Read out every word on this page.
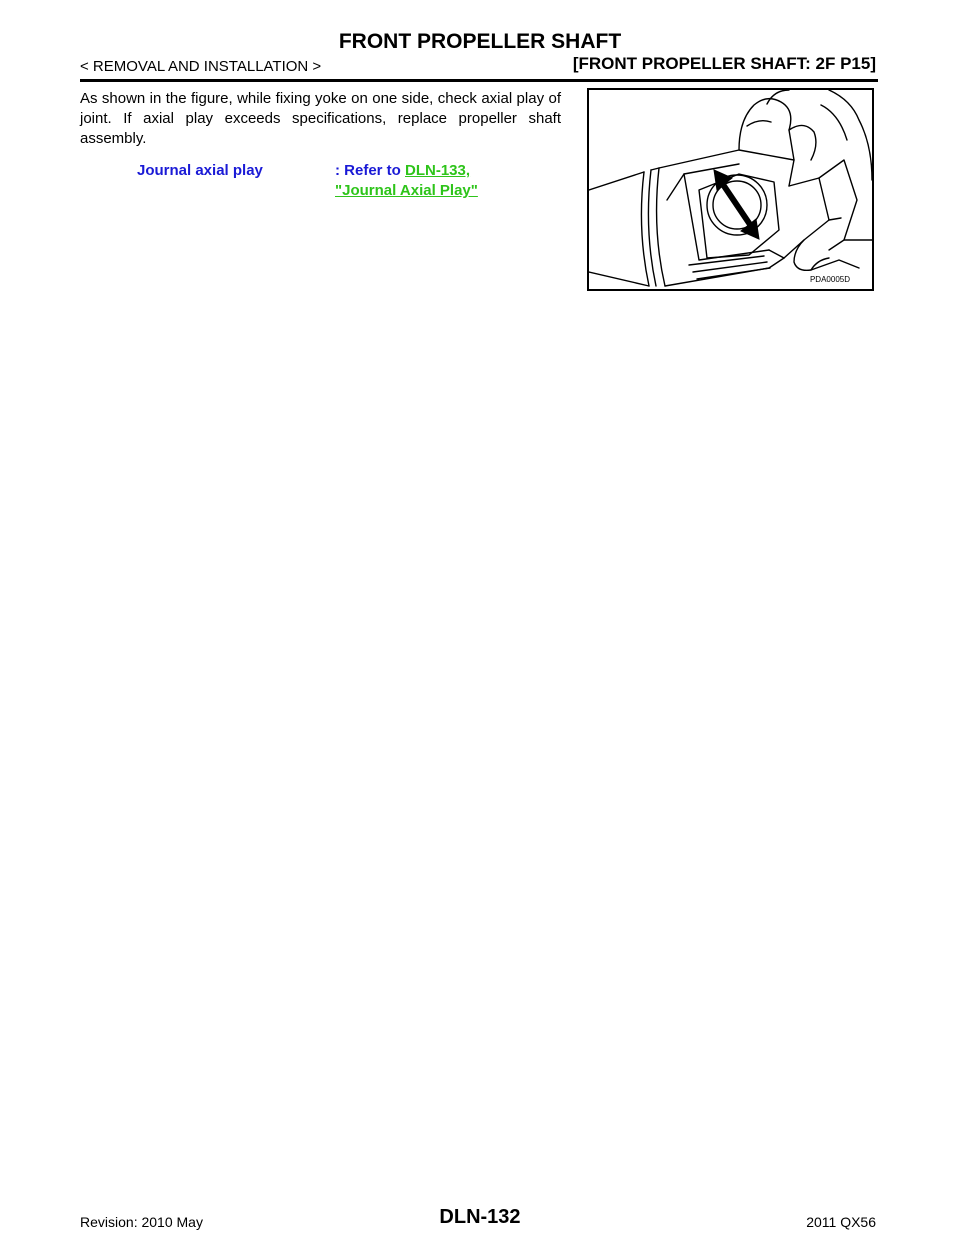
FRONT PROPELLER SHAFT
< REMOVAL AND INSTALLATION >	[FRONT PROPELLER SHAFT: 2F P15]
As shown in the figure, while fixing yoke on one side, check axial play of joint. If axial play exceeds specifications, replace propeller shaft assembly.
Journal axial play	: Refer to DLN-133,
"Journal Axial Play"
PDA0005D
Revision: 2010 May	DLN-132	2011 QX56
